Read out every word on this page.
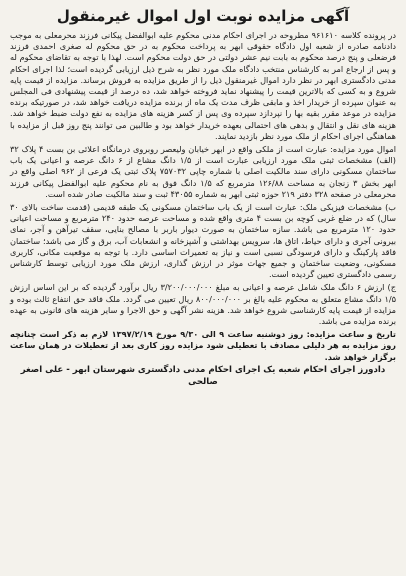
آگهی مزایده نوبت اول اموال غیرمنقول

در پرونده کلاسه ۹۶۱۶۱۰ مطروحه در اجرای احکام مدنی محکوم علیه ابوالفضل پیکانی فرزند محرمعلی به موجب دادنامه صادره از شعبه اول دادگاه حقوقی ابهر به پرداخت محکوم به در حق محکوم له صغری احمدی فرزند فرضعلی و پنج درصد محکوم به بابت نیم عشر دولتی در حق دولت محکوم است. لهذا با توجه به تقاضای محکوم له و پس از ارجاع امر به کارشناس منتخب دادگاه ملک مورد نظر به شرح ذیل ارزیابی گردیده است؛ لذا اجرای احکام مدنی دادگستری ابهر در نظر دارد اموال غیرمنقول ذیل را از طریق مزایده به فروش برساند. مزایده از قیمت پایه شروع و به کسی که بالاترین قیمت را پیشنهاد نماید فروخته خواهد شد، ده درصد از قیمت پیشنهادی فی المجلس به عنوان سپرده از خریدار اخذ و مابقی ظرف مدت یک ماه از برنده مزایده دریافت خواهد شد، در صورتیکه برنده مزایده در موعد مقرر بقیه بها را نپردازد سپرده وی پس از کسر هزینه های مزایده به نفع دولت ضبط خواهد شد. هزینه های نقل و انتقال و بدهی های احتمالی بعهده خریدار خواهد بود و طالبین می توانند پنج روز قبل از مزایده با هماهنگی اجرای احکام از ملک مورد نظر بازدید نمایند.

اموال مورد مزایده: عبارت است از ملکی واقع در ابهر خیابان ولیعصر روبروی درمانگاه اعلائی بن بست ۴ پلاک ۳۲ (الف) مشخصات ثبتی ملک مورد ارزیابی عبارت است از ۱/۵ دانگ مشاع از ۶ دانگ عرصه و اعیانی یک باب ساختمان مسکونی دارای سند مالکیت اصلی با شماره چاپی ۷۵۷۰۳۲ پلاک ثبتی یک فرعی از ۹۶۲ اصلی واقع در ابهر بخش ۳ زنجان به مساحت ۱۲۶/۸۸ مترمربع که ۱/۵ دانگ فوق به نام محکوم علیه ابوالفضل پیکانی فرزند محرمعلی در صفحه ۳۲۸ دفتر ۲۱۹ حوزه ثبتی ابهر به شماره ۴۳۰۵۵ ثبت و سند مالکیت صادر شده است.

ب) مشخصات فیزیکی ملک: عبارت است از یک باب ساختمان مسکونی یک طبقه قدیمی (قدمت ساخت بالای ۳۰ سال) که در ضلع غربی کوچه بن بست ۴ متری واقع شده و مساحت عرصه حدود ۲۴۰ مترمربع و مساحت اعیانی حدود ۱۲۰ مترمربع می باشد. سازه ساختمان به صورت دیوار باربر با مصالح بنایی، سقف تیرآهن و آجر، نمای بیرونی آجری و دارای حیاط، اتاق ها، سرویس بهداشتی و آشپزخانه و انشعابات آب، برق و گاز می باشد؛ ساختمان فاقد پارکینگ و دارای فرسودگی نسبی است و نیاز به تعمیرات اساسی دارد. با توجه به موقعیت مکانی، کاربری مسکونی، وضعیت ساختمان و جمیع جهات موثر در ارزش گذاری، ارزش ملک مورد ارزیابی توسط کارشناس رسمی دادگستری تعیین گردیده است.

ج) ارزش ۶ دانگ ملک شامل عرصه و اعیانی به مبلغ ۳/۲۰۰/۰۰۰/۰۰۰ ریال برآورد گردیده که بر این اساس ارزش ۱/۵ دانگ مشاع متعلق به محکوم علیه بالغ بر ۸۰۰/۰۰۰/۰۰۰ ریال تعیین می گردد. ملک فاقد حق انتفاع ثالث بوده و مزایده از قیمت پایه کارشناسی شروع خواهد شد. هزینه نشر آگهی و حق الاجرا و سایر هزینه های قانونی به عهده برنده مزایده می باشد.

تاریخ و ساعت مزایده: روز دوشنبه ساعت ۹ الی ۹/۳۰ مورخ ۱۳۹۷/۲/۱۹ لازم به ذکر است چنانچه روز مزایده به هر دلیلی مصادف با تعطیلی شود مزایده روز کاری بعد از تعطیلات در همان ساعت برگزار خواهد شد.

دادورز اجرای احکام شعبه یک اجرای احکام مدنی دادگستری شهرستان ابهر - علی اصغر صالحی
